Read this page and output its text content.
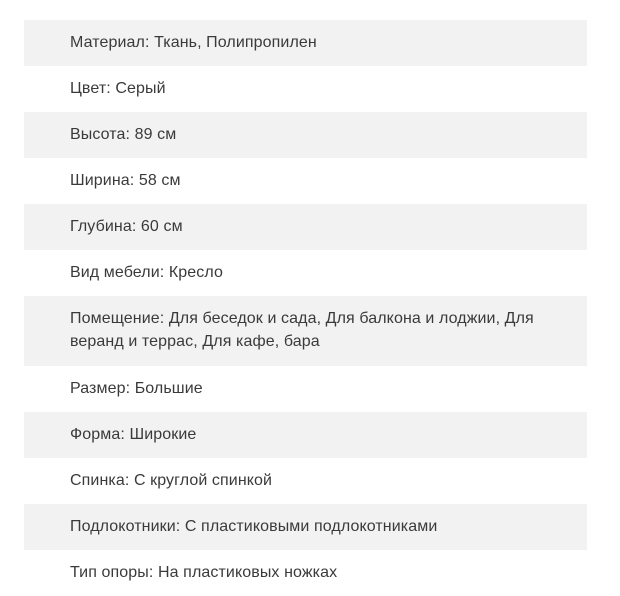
Материал: Ткань, Полипропилен
Цвет: Серый
Высота: 89 см
Ширина: 58 см
Глубина: 60 см
Вид мебели: Кресло
Помещение: Для беседок и сада, Для балкона и лоджии, Для веранд и террас, Для кафе, бара
Размер: Большие
Форма: Широкие
Спинка: С круглой спинкой
Подлокотники: С пластиковыми подлокотниками
Тип опоры: На пластиковых ножках
